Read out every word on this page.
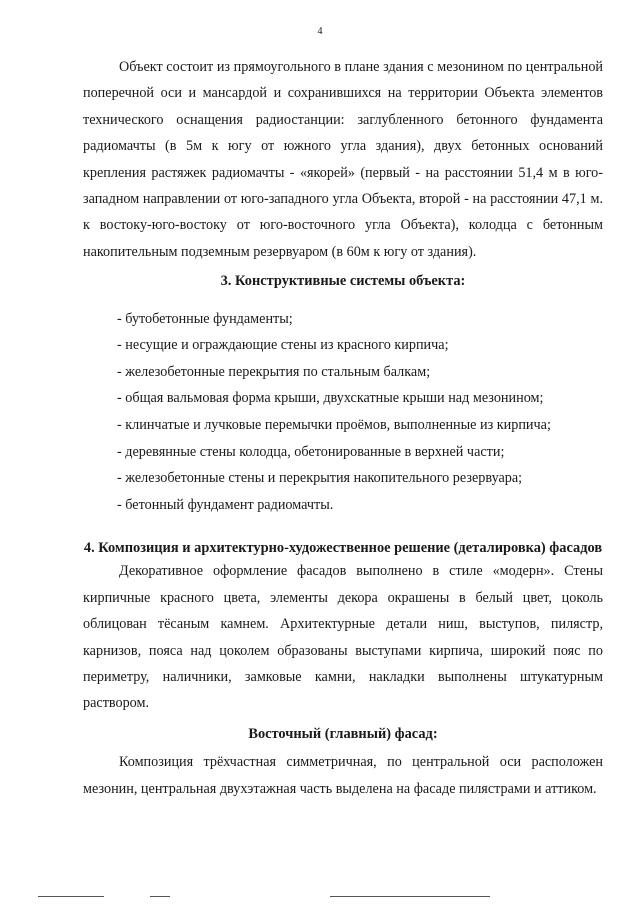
4

Объект состоит из прямоугольного в плане здания с мезонином по центральной поперечной оси и мансардой и сохранившихся на территории Объекта элементов технического оснащения радиостанции: заглубленного бетонного фундамента радиомачты (в 5м к югу от южного угла здания), двух бетонных оснований крепления растяжек радиомачты - «якорей» (первый - на расстоянии 51,4 м в юго-западном направлении от юго-западного угла Объекта, второй - на расстоянии 47,1 м. к востоку-юго-востоку от юго-восточного угла Объекта), колодца с бетонным накопительным подземным резервуаром (в 60м к югу от здания).

3. Конструктивные системы объекта:

- бутобетонные фундаменты;
- несущие и ограждающие стены из красного кирпича;
- железобетонные перекрытия по стальным балкам;
- общая вальмовая форма крыши, двухскатные крыши над мезонином;
- клинчатые и лучковые перемычки проёмов, выполненные из кирпича;
- деревянные стены колодца, обетонированные в верхней части;
- железобетонные стены и перекрытия накопительного резервуара;
- бетонный фундамент радиомачты.

4. Композиция и архитектурно-художественное решение (деталировка) фасадов

Декоративное оформление фасадов выполнено в стиле «модерн». Стены кирпичные красного цвета, элементы декора окрашены в белый цвет, цоколь облицован тёсаным камнем. Архитектурные детали ниш, выступов, пилястр, карнизов, пояса над цоколем образованы выступами кирпича, широкий пояс по периметру, наличники, замковые камни, накладки выполнены штукатурным раствором.

Восточный (главный) фасад:

Композиция трёхчастная симметричная, по центральной оси расположен мезонин, центральная двухэтажная часть выделена на фасаде пилястрами и аттиком.
